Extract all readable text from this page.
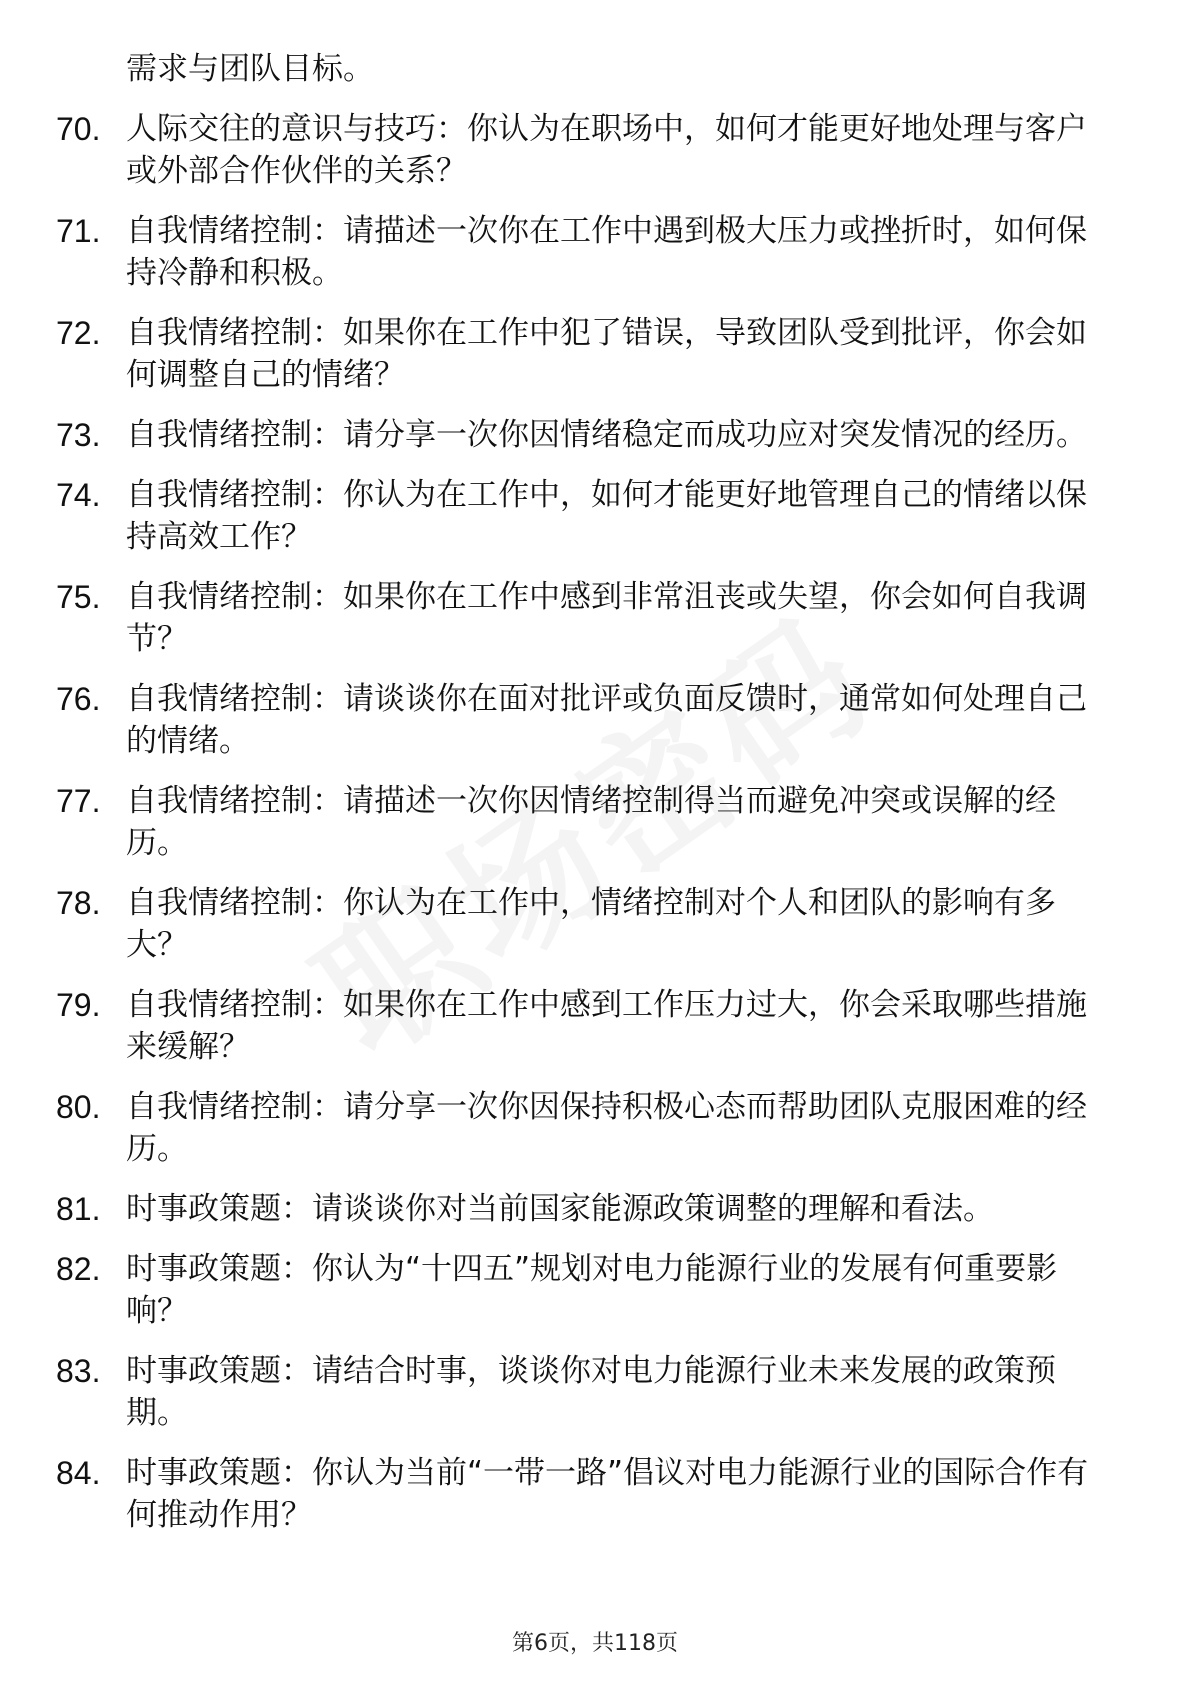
需求与团队目标。
70. 人际交往的意识与技巧：你认为在职场中，如何才能更好地处理与客户或外部合作伙伴的关系？
71. 自我情绪控制：请描述一次你在工作中遇到极大压力或挫折时，如何保持冷静和积极。
72. 自我情绪控制：如果你在工作中犯了错误，导致团队受到批评，你会如何调整自己的情绪？
73. 自我情绪控制：请分享一次你因情绪稳定而成功应对突发情况的经历。
74. 自我情绪控制：你认为在工作中，如何才能更好地管理自己的情绪以保持高效工作？
75. 自我情绪控制：如果你在工作中感到非常沮丧或失望，你会如何自我调节？
76. 自我情绪控制：请谈谈你在面对批评或负面反馈时，通常如何处理自己的情绪。
77. 自我情绪控制：请描述一次你因情绪控制得当而避免冲突或误解的经历。
78. 自我情绪控制：你认为在工作中，情绪控制对个人和团队的影响有多大？
79. 自我情绪控制：如果你在工作中感到工作压力过大，你会采取哪些措施来缓解？
80. 自我情绪控制：请分享一次你因保持积极心态而帮助团队克服困难的经历。
81. 时事政策题：请谈谈你对当前国家能源政策调整的理解和看法。
82. 时事政策题：你认为“十四五”规划对电力能源行业的发展有何重要影响？
83. 时事政策题：请结合时事，谈谈你对电力能源行业未来发展的政策预期。
84. 时事政策题：你认为当前“一带一路”倡议对电力能源行业的国际合作有何推动作用？
第6页，共118页
